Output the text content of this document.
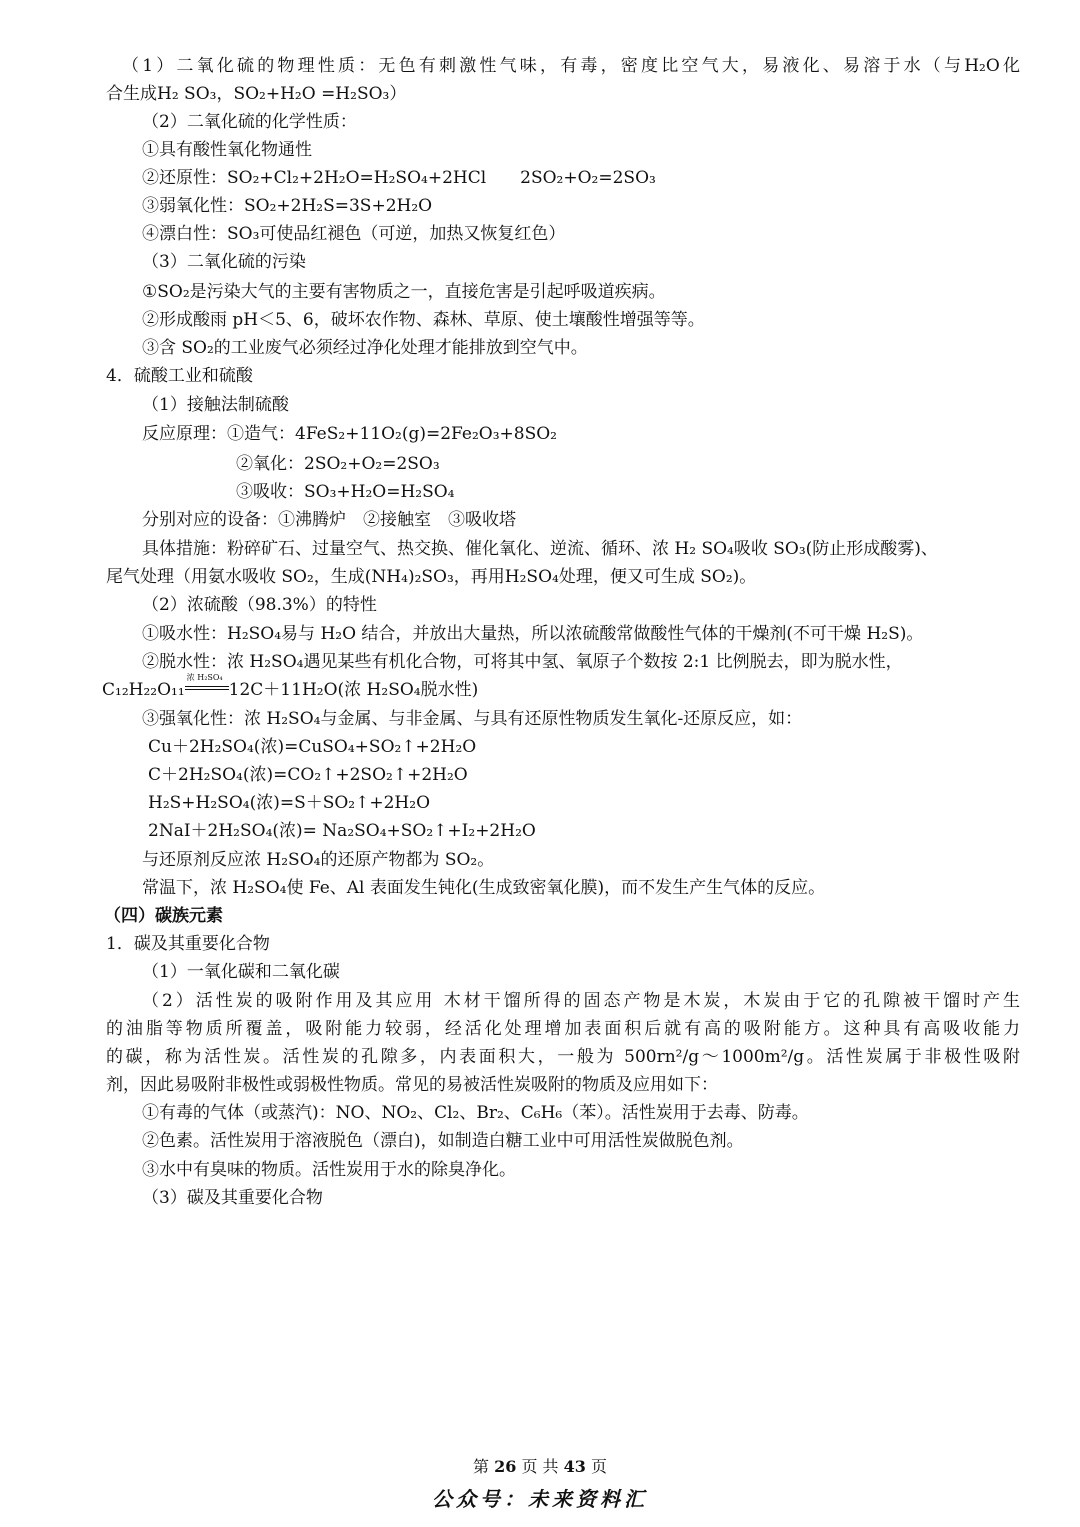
（1）二氧化硫的物理性质：无色有刺激性气味，有毒，密度比空气大，易液化、易溶于水（与H₂O化
合生成H₂ SO₃，SO₂+H₂O =H₂SO₃）
（2）二氧化硫的化学性质：
①具有酸性氧化物通性
②还原性：SO₂+Cl₂+2H₂O=H₂SO₄+2HCl　　2SO₂+O₂=2SO₃
③弱氧化性：SO₂+2H₂S=3S+2H₂O
④漂白性：SO₃可使品红褪色（可逆，加热又恢复红色）
（3）二氧化硫的污染
①SO₂是污染大气的主要有害物质之一，直接危害是引起呼吸道疾病。
②形成酸雨 pH＜5、6，破坏农作物、森林、草原、使土壤酸性增强等等。
③含 SO₂的工业废气必须经过净化处理才能排放到空气中。
4．硫酸工业和硫酸
（1）接触法制硫酸
反应原理：①造气：4FeS₂+11O₂(g)=2Fe₂O₃+8SO₂
②氧化：2SO₂+O₂=2SO₃
③吸收：SO₃+H₂O=H₂SO₄
分别对应的设备：①沸腾炉　②接触室　③吸收塔
具体措施：粉碎矿石、过量空气、热交换、催化氧化、逆流、循环、浓 H₂ SO₄吸收 SO₃(防止形成酸雾)、
尾气处理（用氨水吸收 SO₂，生成(NH₄)₂SO₃，再用H₂SO₄处理，便又可生成 SO₂)。
（2）浓硫酸（98.3%）的特性
①吸水性：H₂SO₄易与 H₂O 结合，并放出大量热，所以浓硫酸常做酸性气体的干燥剂(不可干燥 H₂S)。
②脱水性：浓 H₂SO₄遇见某些有机化合物，可将其中氢、氧原子个数按 2:1 比例脱去，即为脱水性，
C₁₂H₂₂O₁₁
浓 H₂SO₄
12C＋11H₂O(浓 H₂SO₄脱水性)
③强氧化性：浓 H₂SO₄与金属、与非金属、与具有还原性物质发生氧化-还原反应，如：
Cu＋2H₂SO₄(浓)=CuSO₄+SO₂↑+2H₂O
C＋2H₂SO₄(浓)=CO₂↑+2SO₂↑+2H₂O
H₂S+H₂SO₄(浓)=S＋SO₂↑+2H₂O
2NaI＋2H₂SO₄(浓)= Na₂SO₄+SO₂↑+I₂+2H₂O
与还原剂反应浓 H₂SO₄的还原产物都为 SO₂。
常温下，浓 H₂SO₄使 Fe、Al 表面发生钝化(生成致密氧化膜)，而不发生产生气体的反应。
（四）碳族元素
1．碳及其重要化合物
（1）一氧化碳和二氧化碳
（2）活性炭的吸附作用及其应用 木材干馏所得的固态产物是木炭，木炭由于它的孔隙被干馏时产生
的油脂等物质所覆盖，吸附能力较弱，经活化处理增加表面积后就有高的吸附能方。这种具有高吸收能力
的碳，称为活性炭。活性炭的孔隙多，内表面积大，一般为 500rn²/g～1000m²/g。活性炭属于非极性吸附
剂，因此易吸附非极性或弱极性物质。常见的易被活性炭吸附的物质及应用如下：
①有毒的气体（或蒸汽)：NO、NO₂、Cl₂、Br₂、C₆H₆（苯）。活性炭用于去毒、防毒。
②色素。活性炭用于溶液脱色（漂白)，如制造白糖工业中可用活性炭做脱色剂。
③水中有臭味的物质。活性炭用于水的除臭净化。
（3）碳及其重要化合物
第 26 页 共 43 页
公众号：未来资料汇
